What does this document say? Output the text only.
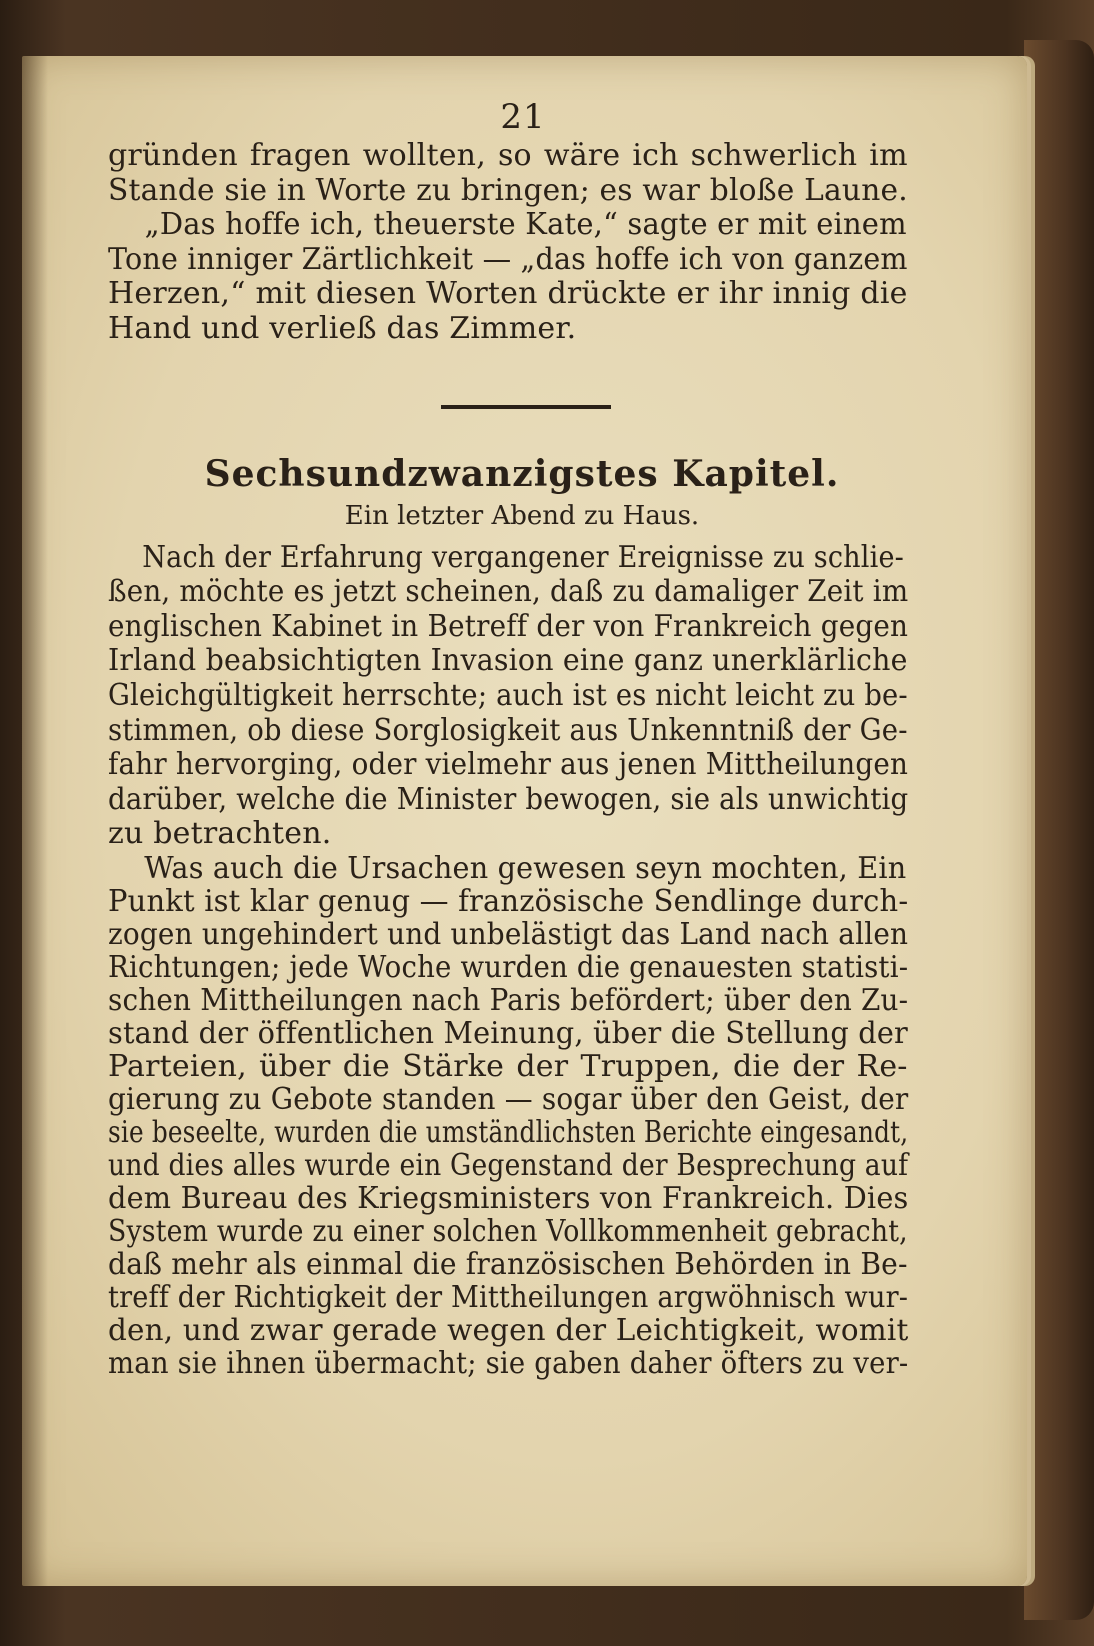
21
gründen fragen wollten, so wäre ich schwerlich im
Stande sie in Worte zu bringen; es war bloße Laune.
„Das hoffe ich, theuerste Kate,“ sagte er mit einem
Tone inniger Zärtlichkeit — „das hoffe ich von ganzem
Herzen,“ mit diesen Worten drückte er ihr innig die
Hand und verließ das Zimmer.
Sechsundzwanzigstes Kapitel.
Ein letzter Abend zu Haus.
Nach der Erfahrung vergangener Ereignisse zu schlie-
ßen, möchte es jetzt scheinen, daß zu damaliger Zeit im
englischen Kabinet in Betreff der von Frankreich gegen
Irland beabsichtigten Invasion eine ganz unerklärliche
Gleichgültigkeit herrschte; auch ist es nicht leicht zu be-
stimmen, ob diese Sorglosigkeit aus Unkenntniß der Ge-
fahr hervorging, oder vielmehr aus jenen Mittheilungen
darüber, welche die Minister bewogen, sie als unwichtig
zu betrachten.
Was auch die Ursachen gewesen seyn mochten, Ein
Punkt ist klar genug — französische Sendlinge durch-
zogen ungehindert und unbelästigt das Land nach allen
Richtungen; jede Woche wurden die genauesten statisti-
schen Mittheilungen nach Paris befördert; über den Zu-
stand der öffentlichen Meinung, über die Stellung der
Parteien, über die Stärke der Truppen, die der Re-
gierung zu Gebote standen — sogar über den Geist, der
sie beseelte, wurden die umständlichsten Berichte eingesandt,
und dies alles wurde ein Gegenstand der Besprechung auf
dem Bureau des Kriegsministers von Frankreich. Dies
System wurde zu einer solchen Vollkommenheit gebracht,
daß mehr als einmal die französischen Behörden in Be-
treff der Richtigkeit der Mittheilungen argwöhnisch wur-
den, und zwar gerade wegen der Leichtigkeit, womit
man sie ihnen übermacht; sie gaben daher öfters zu ver-
